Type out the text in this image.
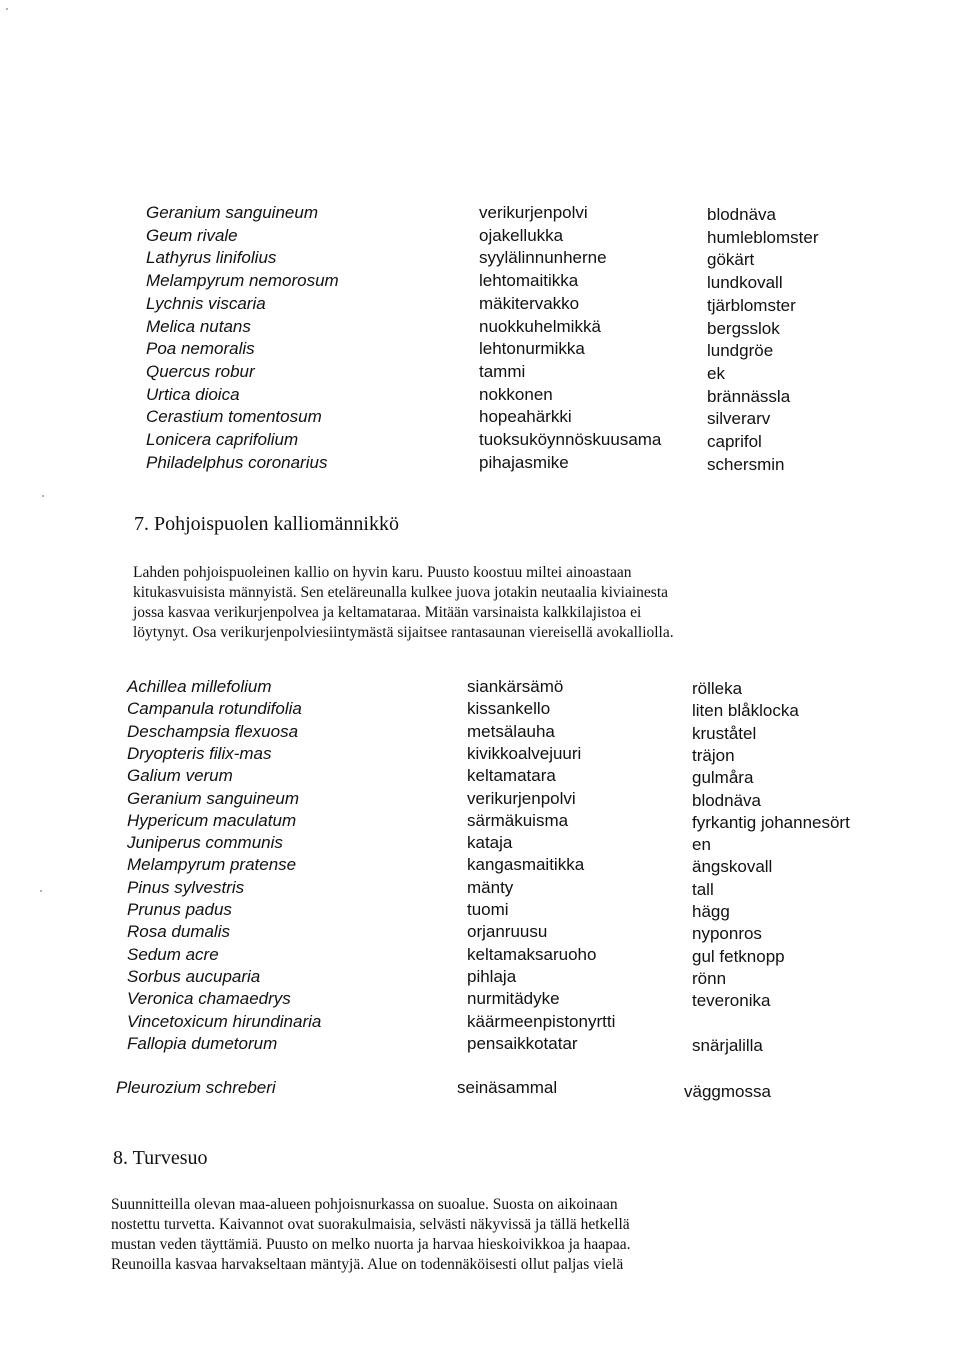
Geranium sanguineum	verikurjenpolvi	blodnäva
Geum rivale	ojakellukka	humleblomster
Lathyrus linifolius	syylälinnunherne	gökärt
Melampyrum nemorosum	lehtomaitikka	lundkovall
Lychnis viscaria	mäkitervakko	tjärblomster
Melica nutans	nuokkuhelmikkä	bergsslok
Poa nemoralis	lehtonurmikka	lundgröe
Quercus robur	tammi	ek
Urtica dioica	nokkonen	brännässla
Cerastium tomentosum	hopeahärkki	silverarv
Lonicera caprifolium	tuoksuköynnöskuusama	caprifol
Philadelphus coronarius	pihajasmike	schersmin
7. Pohjoispuolen kalliomännikkö
Lahden pohjoispuoleinen kallio on hyvin karu. Puusto koostuu miltei ainoastaan
kitukasvuisista männyistä. Sen eteläreunalla kulkee juova jotakin neutaalia kiviainesta
jossa kasvaa verikurjenpolvea ja keltamataraa. Mitään varsinaista kalkkilajistoa ei
löytynyt. Osa verikurjenpolviesiintymästä sijaitsee rantasaunan viereisellä avokalliolla.
Achillea millefolium	siankärsämö	rölleka
Campanula rotundifolia	kissankello	liten blåklocka
Deschampsia flexuosa	metsälauha	kruståtel
Dryopteris filix-mas	kivikkoalvejuuri	träjon
Galium verum	keltamatara	gulmåra
Geranium sanguineum	verikurjenpolvi	blodnäva
Hypericum maculatum	särmäkuisma	fyrkantig johannesört
Juniperus communis	kataja	en
Melampyrum pratense	kangasmaitikka	ängskovall
Pinus sylvestris	mänty	tall
Prunus padus	tuomi	hägg
Rosa dumalis	orjanruusu	nyponros
Sedum acre	keltamaksaruoho	gul fetknopp
Sorbus aucuparia	pihlaja	rönn
Veronica chamaedrys	nurmitädyke	teveronika
Vincetoxicum hirundinaria	käärmeenpistonyrtti
Fallopia dumetorum	pensaikkotatar	snärjalilla
Pleurozium schreberi	seinäsammal	väggmossa
8. Turvesuo
Suunnitteilla olevan maa-alueen pohjoisnurkassa on suoalue. Suosta on aikoinaan
nostettu turvetta. Kaivannot ovat suorakulmaisia, selvästi näkyvissä ja tällä hetkellä
mustan veden täyttämiä. Puusto on melko nuorta ja harvaa hieskoivikkoa ja haapaa.
Reunoilla kasvaa harvakseltaan mäntyjä. Alue on todennäköisesti ollut paljas vielä
